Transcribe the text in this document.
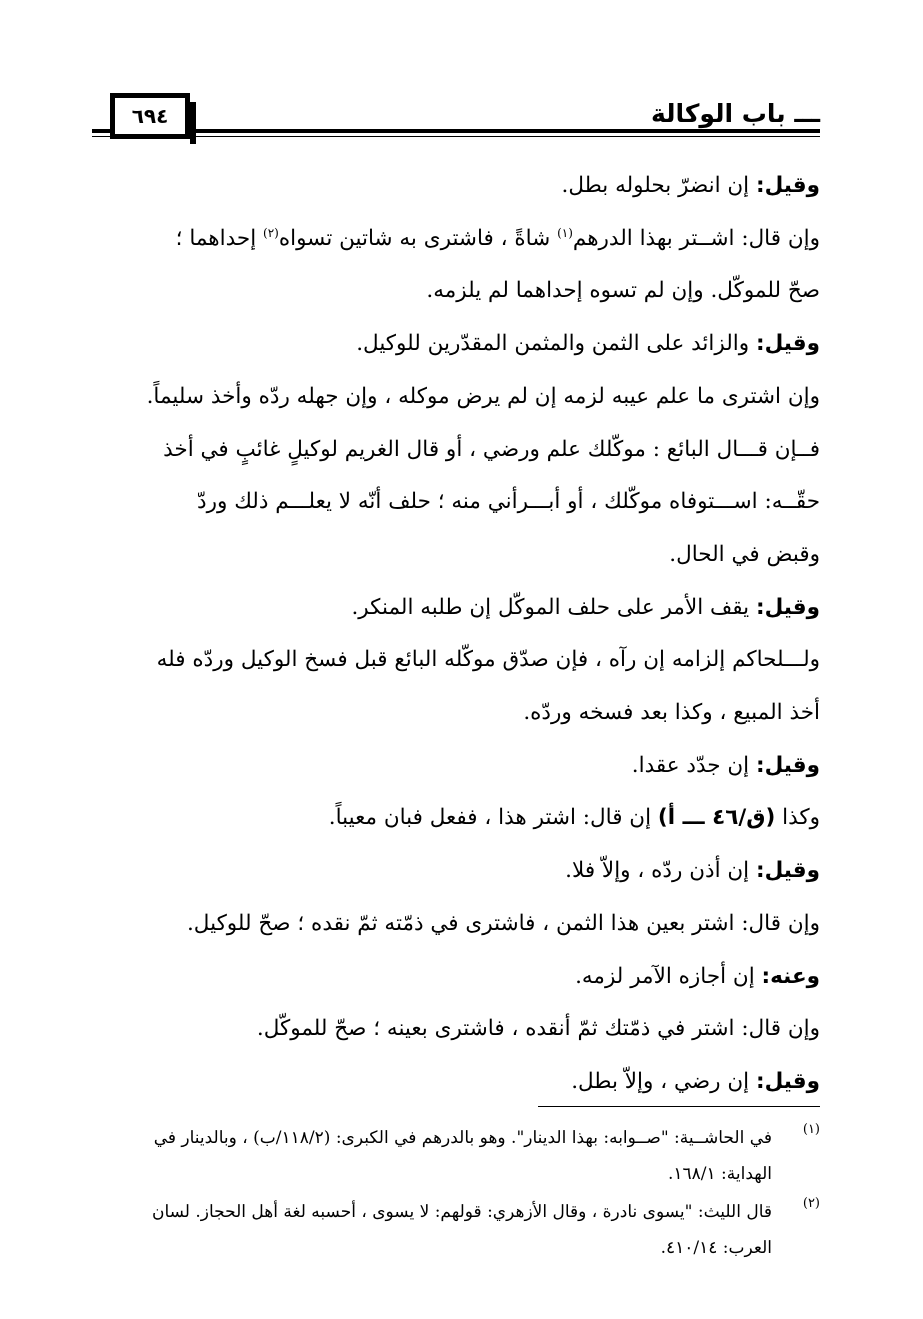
٦٩٤	ـــ باب الوكالة
وقيل: إن انضرّ بحلوله بطل.
وإن قال: اشــتر بهذا الدرهم$^{(١)}$ شاةً ، فاشترى به شاتين تسواه$^{(٢)}$ إحداهما ؛
صحّ للموكّل. وإن لم تسوه إحداهما لم يلزمه.
وقيل: والزائد على الثمن والمثمن المقدّرين للوكيل.
وإن اشترى ما علم عيبه لزمه إن لم يرض موكله ، وإن جهله ردّه وأخذ سليماً.
فــإن قـــال البائع : موكّلك علم ورضي ، أو قال الغريم لوكيلٍ غائبٍ في أخذ
حقّــه: اســـتوفاه موكّلك ، أو أبـــرأني منه ؛ حلف أنّه لا يعلـــم ذلك وردّ
وقبض في الحال.
وقيل: يقف الأمر على حلف الموكّل إن طلبه المنكر.
ولـــلحاكم إلزامه إن رآه ، فإن صدّق موكّله البائع قبل فسخ الوكيل وردّه فله
أخذ المبيع ، وكذا بعد فسخه وردّه.
وقيل: إن جدّد عقدا.
وكذا (ق/٤٦ ـــ أ) إن قال: اشتر هذا ، ففعل فبان معيباً.
وقيل: إن أذن ردّه ، وإلاّ فلا.
وإن قال: اشتر بعين هذا الثمن ، فاشترى في ذمّته ثمّ نقده ؛ صحّ للوكيل.
وعنه: إن أجازه الآمر لزمه.
وإن قال: اشتر في ذمّتك ثمّ أنقده ، فاشترى بعينه ؛ صحّ للموكّل.
وقيل: إن رضي ، وإلاّ بطل.
(١)
في الحاشــية: "صــوابه: بهذا الدينار". وهو بالدرهم في الكبرى: (١١٨/٢/ب) ، وبالدينار في
الهداية: ١٦٨/١.
(٢)
قال الليث: "يسوى نادرة ، وقال الأزهري: قولهم: لا يسوى ، أحسبه لغة أهل الحجاز. لسان
العرب: ٤١٠/١٤.
